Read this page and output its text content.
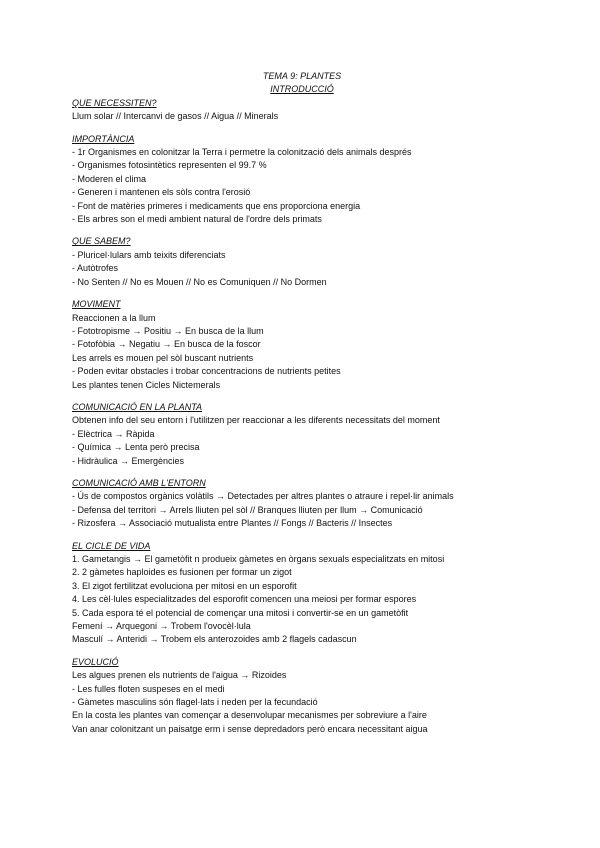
TEMA 9: PLANTES
INTRODUCCIÓ
QUE NECESSITEN?
Llum solar // Intercanvi de gasos // Aigua // Minerals
IMPORTÀNCIA
- 1r Organismes en colonitzar la Terra i permetre la colonització dels animals després
- Organismes fotosintètics representen el 99.7 %
- Moderen el clima
- Generen i mantenen els sòls contra l'erosió
- Font de matèries primeres i medicaments que ens proporciona energia
- Els arbres son el medi ambient natural de l'ordre dels primats
QUE SABEM?
- Pluricel·lulars amb teixits diferenciats
- Autòtrofes
- No Senten // No es Mouen // No es Comuniquen // No Dormen
MOVIMENT
Reaccionen a la llum
- Fototropisme → Positiu → En busca de la llum
- Fotofòbia → Negatiu → En busca de la foscor
Les arrels es mouen pel sòl buscant nutrients
- Poden evitar obstacles i trobar concentracions de nutrients petites
Les plantes tenen Cicles Nictemerals
COMUNICACIÓ EN LA PLANTA
Obtenen info del seu entorn i l'utilitzen per reaccionar a les diferents necessitats del moment
- Elèctrica → Ràpida
- Química → Lenta però precisa
- Hidràulica → Emergències
COMUNICACIÓ AMB L'ENTORN
- Ús de compostos orgànics volàtils → Detectades per altres plantes o atraure i repel·lir animals
- Defensa del territori → Arrels lliuten pel sòl // Branques lliuten per llum → Comunicació
- Rizosfera → Associació mutualista entre Plantes // Fongs // Bacteris // Insectes
EL CICLE DE VIDA
1. Gametangis → El gametòfit n produeix gàmetes en òrgans sexuals especialitzats en mitosi
2. 2 gàmetes haploides es fusionen per formar un zigot
3. El zigot fertilitzat evoluciona per mitosi en un esporofit
4. Les cèl·lules especialitzades del esporofit comencen una meiosi per formar espores
5. Cada espora té el potencial de començar una mitosi i convertir-se en un gametòfit
Femení → Arquegoni → Trobem l'ovocèl·lula
Masculí → Anteridi → Trobem els anterozoides amb 2 flagels cadascun
EVOLUCIÓ
Les algues prenen els nutrients de l'aigua → Rizoides
- Les fulles floten suspeses en el medi
- Gàmetes masculins són flagel·lats i neden per la fecundació
En la costa les plantes van començar a desenvolupar mecanismes per sobreviure a l'aire
Van anar colonitzant un paisatge erm i sense depredadors però encara necessitant aigua
